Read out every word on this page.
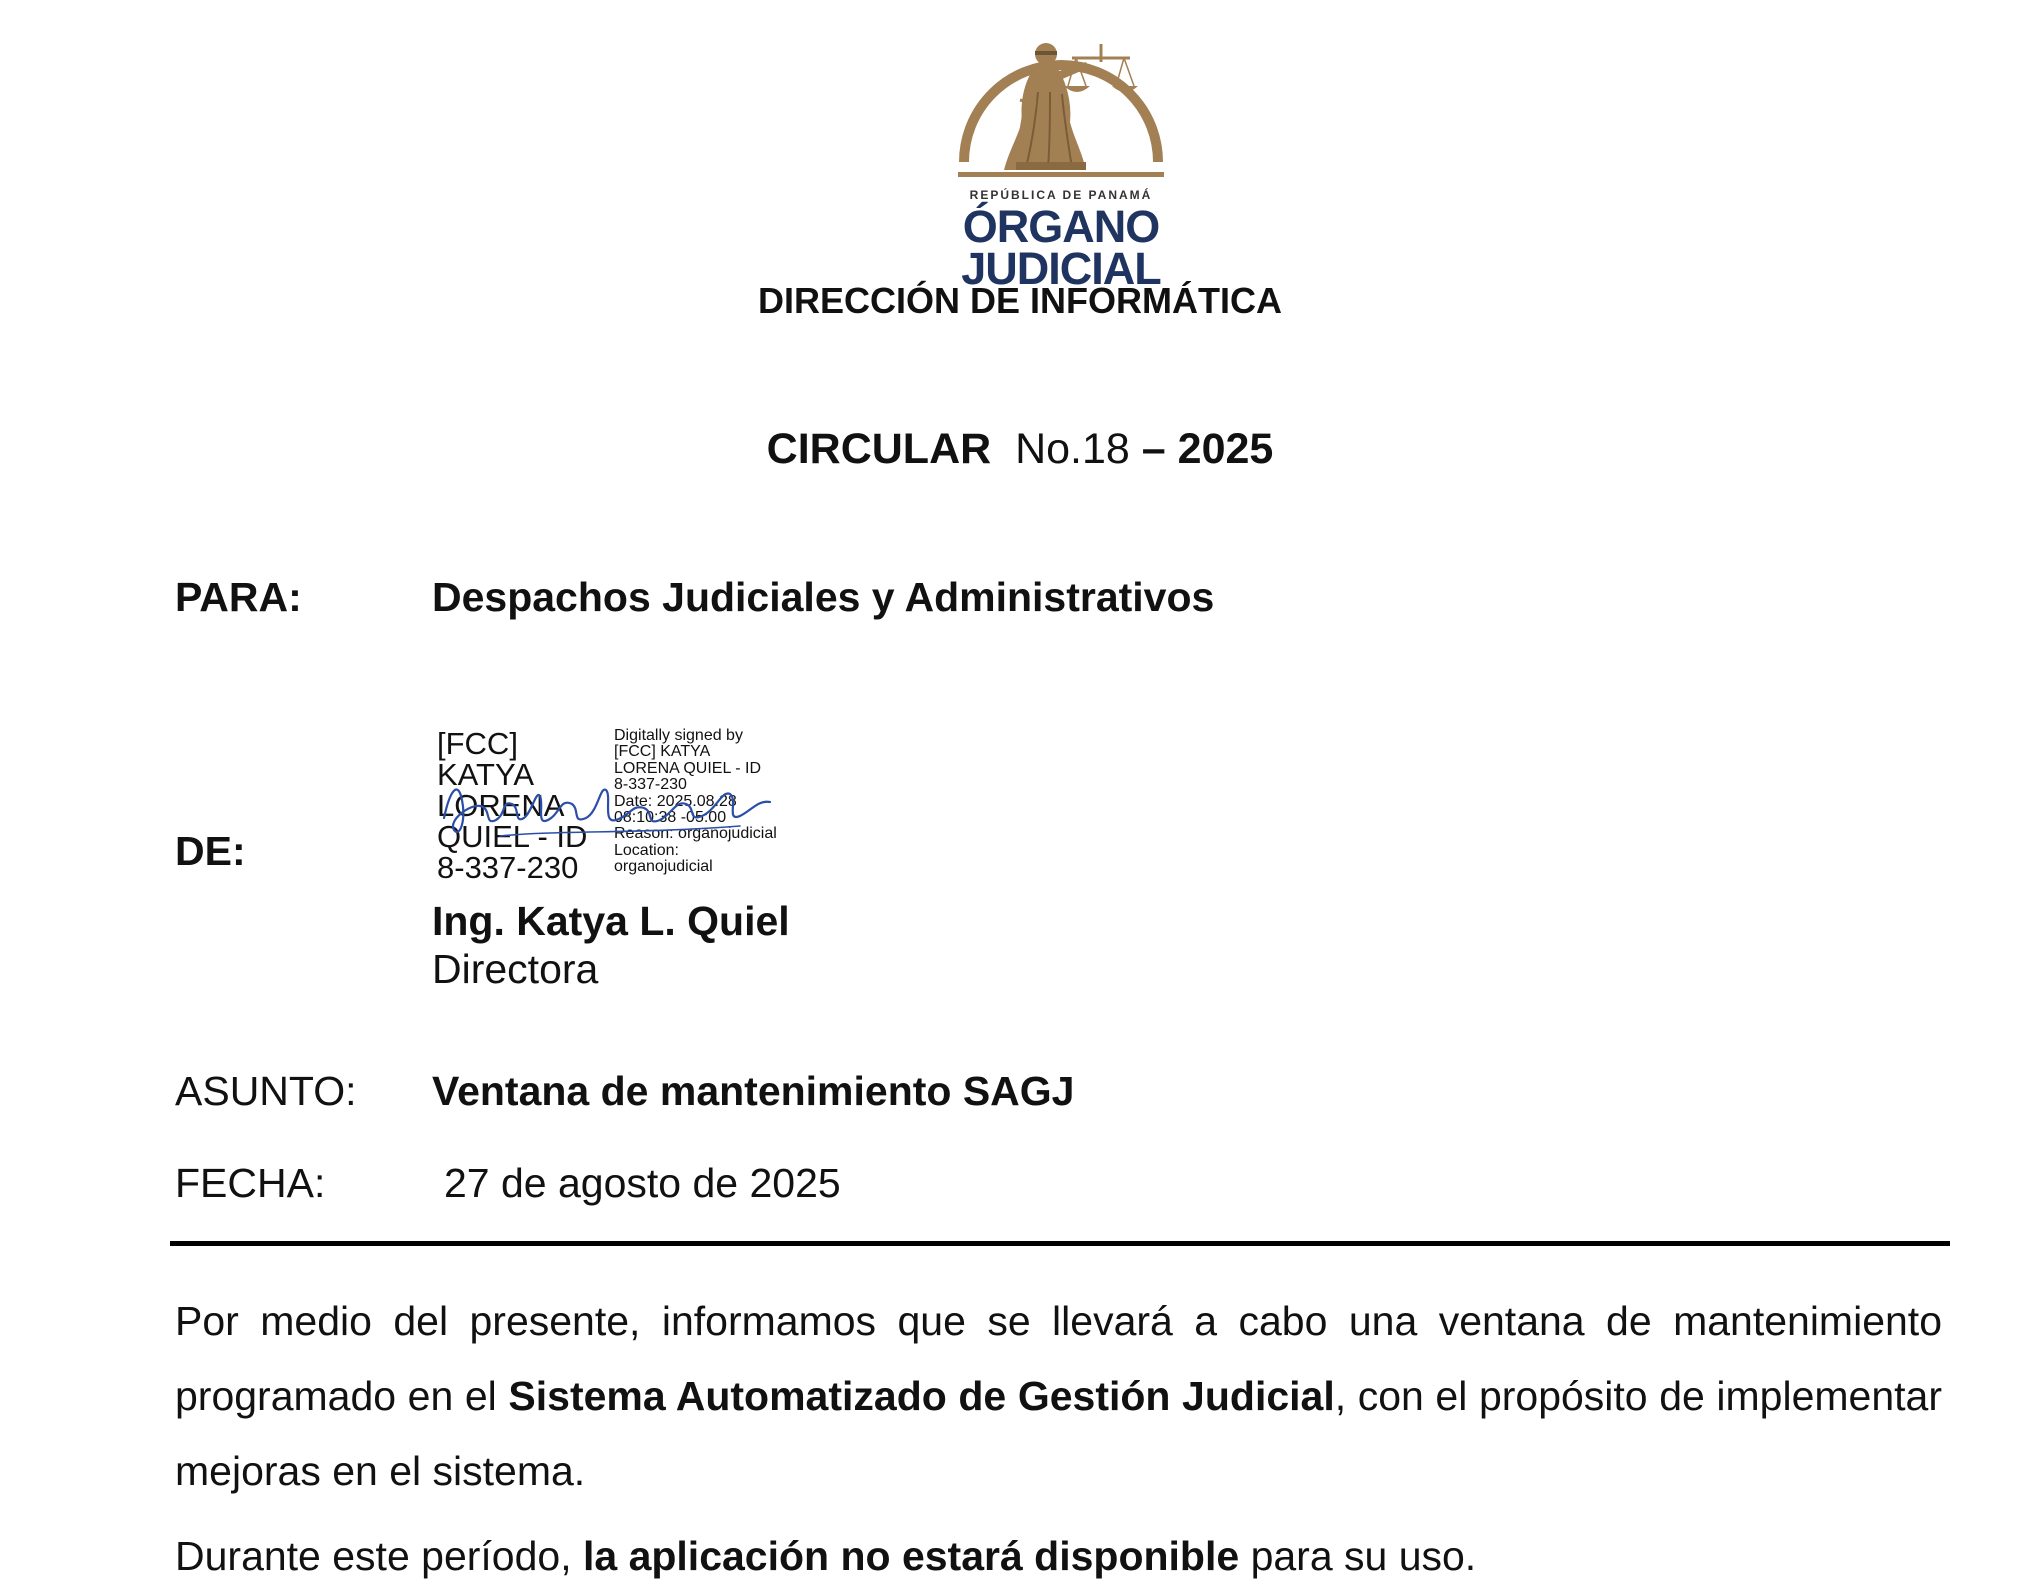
REPÚBLICA DE PANAMÁ
ÓRGANO
JUDICIAL
DIRECCIÓN DE INFORMÁTICA
CIRCULAR No.18 – 2025
PARA:	Despachos Judiciales y Administrativos
DE:
[FCC]
KATYA
LORENA
QUIEL - ID
8-337-230
Digitally signed by
[FCC] KATYA
LORENA QUIEL - ID
8-337-230
Date: 2025.08.28
08:10:38 -05:00
Reason: organojudicial
Location:
organojudicial
Ing. Katya L. Quiel
Directora
ASUNTO: Ventana de mantenimiento SAGJ
FECHA:	27 de agosto de 2025
Por medio del presente, informamos que se llevará a cabo una ventana de mantenimiento programado en el Sistema Automatizado de Gestión Judicial, con el propósito de implementar mejoras en el sistema.
Durante este período, la aplicación no estará disponible para su uso.
